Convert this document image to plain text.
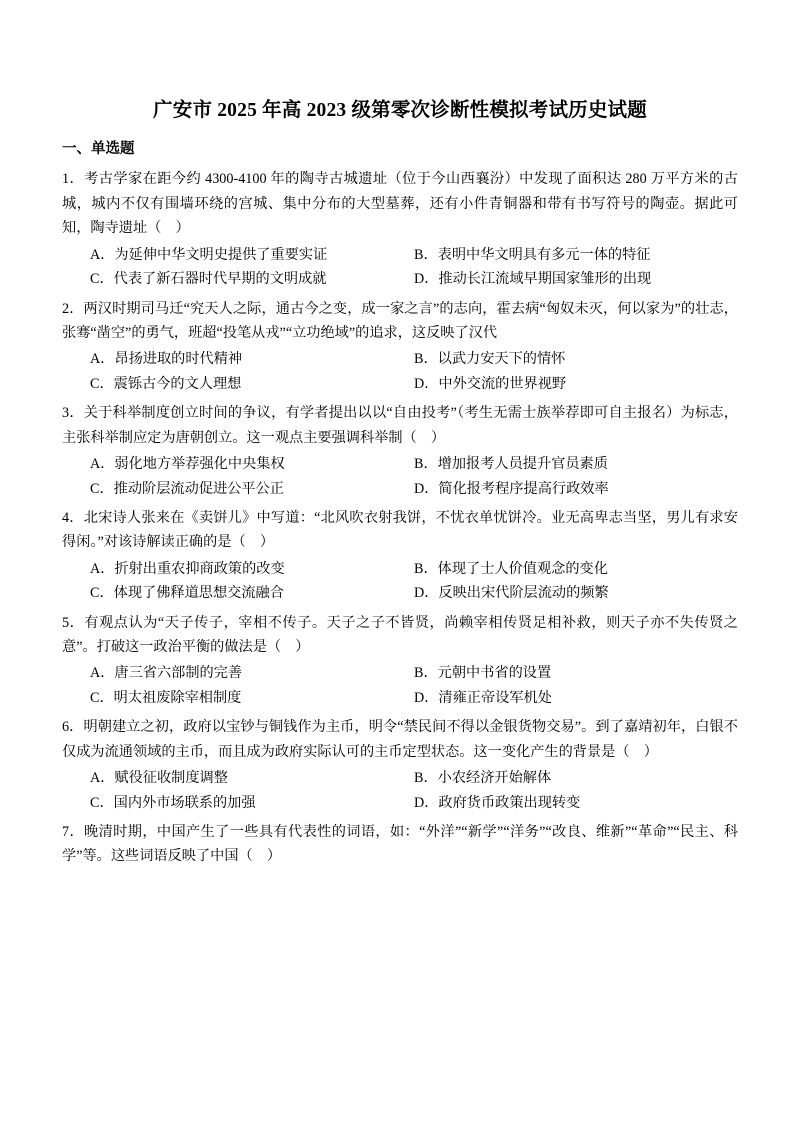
广安市 2025 年高 2023 级第零次诊断性模拟考试历史试题
一、单选题

1．考古学家在距今约 4300-4100 年的陶寺古城遗址（位于今山西襄汾）中发现了面积达 280 万平方米的古城，城内不仅有围墙环绕的宫城、集中分布的大型墓葬，还有小件青铜器和带有书写符号的陶壶。据此可知，陶寺遗址（　）

A．为延伸中华文明史提供了重要实证	B．表明中华文明具有多元一体的特征
C．代表了新石器时代早期的文明成就	D．推动长江流域早期国家雏形的出现

2．两汉时期司马迁“究天人之际，通古今之变，成一家之言”的志向，霍去病“匈奴未灭，何以家为”的壮志，张骞“凿空”的勇气，班超“投笔从戎”“立功绝域”的追求，这反映了汉代

A．昂扬进取的时代精神	B．以武力安天下的情怀
C．震铄古今的文人理想	D．中外交流的世界视野

3．关于科举制度创立时间的争议，有学者提出以以“自由投考”（考生无需士族举荐即可自主报名）为标志，主张科举制应定为唐朝创立。这一观点主要强调科举制（　）

A．弱化地方举荐强化中央集权	B．增加报考人员提升官员素质
C．推动阶层流动促进公平公正	D．简化报考程序提高行政效率

4．北宋诗人张来在《卖饼儿》中写道：“北风吹衣射我饼，不忧衣单忧饼冷。业无高卑志当坚，男儿有求安得闲。”对该诗解读正确的是（　）

A．折射出重农抑商政策的改变	B．体现了士人价值观念的变化
C．体现了佛释道思想交流融合	D．反映出宋代阶层流动的频繁

5．有观点认为“天子传子，宰相不传子。天子之子不皆贤，尚赖宰相传贤足相补救，则天子亦不失传贤之意”。打破这一政治平衡的做法是（　）

A．唐三省六部制的完善	B．元朝中书省的设置
C．明太祖废除宰相制度	D．清雍正帝设军机处

6．明朝建立之初，政府以宝钞与铜钱作为主币，明令“禁民间不得以金银货物交易”。到了嘉靖初年，白银不仅成为流通领域的主币，而且成为政府实际认可的主币定型状态。这一变化产生的背景是（　）

A．赋役征收制度调整	B．小农经济开始解体
C．国内外市场联系的加强	D．政府货币政策出现转变

7．晚清时期，中国产生了一些具有代表性的词语，如：“外洋”“新学”“洋务”“改良、维新”“革命”“民主、科学”等。这些词语反映了中国（　）
